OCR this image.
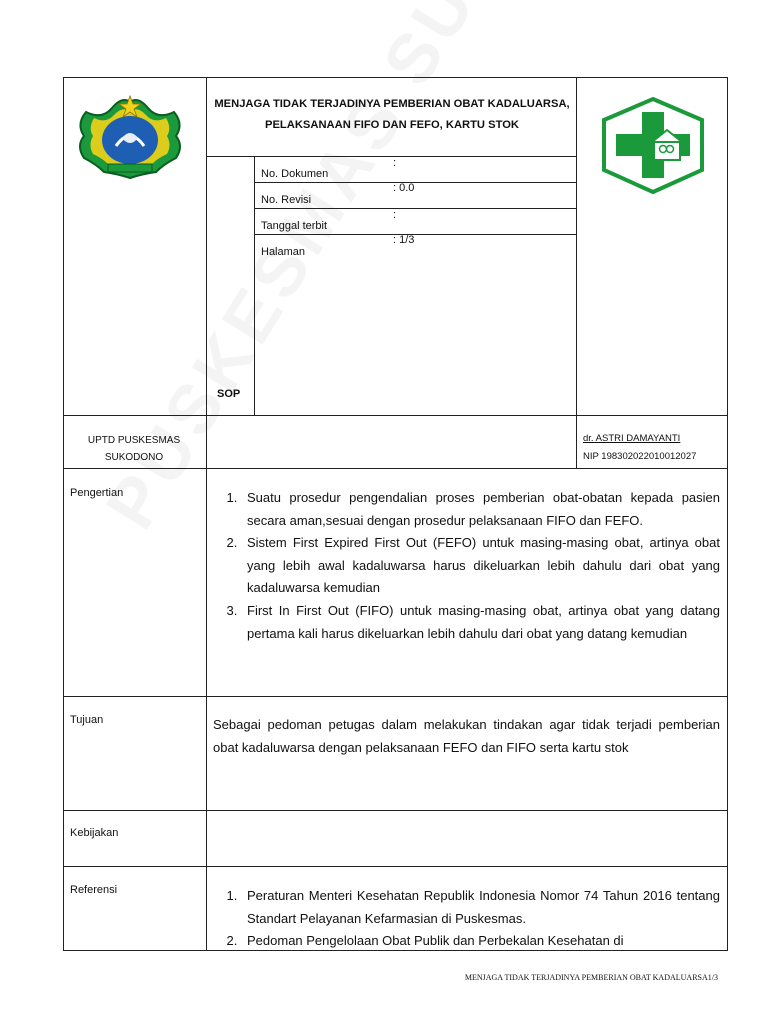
MENJAGA TIDAK TERJADINYA PEMBERIAN OBAT KADALUARSA, PELAKSANAAN FIFO DAN FEFO, KARTU STOK
No. Dokumen
:
No. Revisi
: 0.0
Tanggal terbit
:
Halaman
: 1/3
SOP
UPTD PUSKESMAS
SUKODONO
dr. ASTRI DAMAYANTI
NIP 198302022010012027
Pengertian	1. Suatu prosedur pengendalian proses pemberian obat-obatan kepada pasien secara aman,sesuai dengan prosedur pelaksanaan FIFO dan FEFO.
2. Sistem First Expired First Out (FEFO) untuk masing-masing obat, artinya obat yang lebih awal kadaluwarsa harus dikeluarkan lebih dahulu dari obat yang kadaluwarsa kemudian
3. First In First Out (FIFO) untuk masing-masing obat, artinya obat yang datang pertama kali harus dikeluarkan lebih dahulu dari obat yang datang kemudian
Tujuan	Sebagai pedoman petugas dalam melakukan tindakan agar tidak terjadi pemberian obat kadaluwarsa dengan pelaksanaan FEFO dan FIFO serta kartu stok
Kebijakan
Referensi	1. Peraturan Menteri Kesehatan Republik Indonesia Nomor 74 Tahun 2016 tentang Standart Pelayanan Kefarmasian di Puskesmas.
2. Pedoman Pengelolaan Obat Publik dan Perbekalan Kesehatan di
MENJAGA TIDAK TERJADINYA PEMBERIAN OBAT KADALUARSA1/3
